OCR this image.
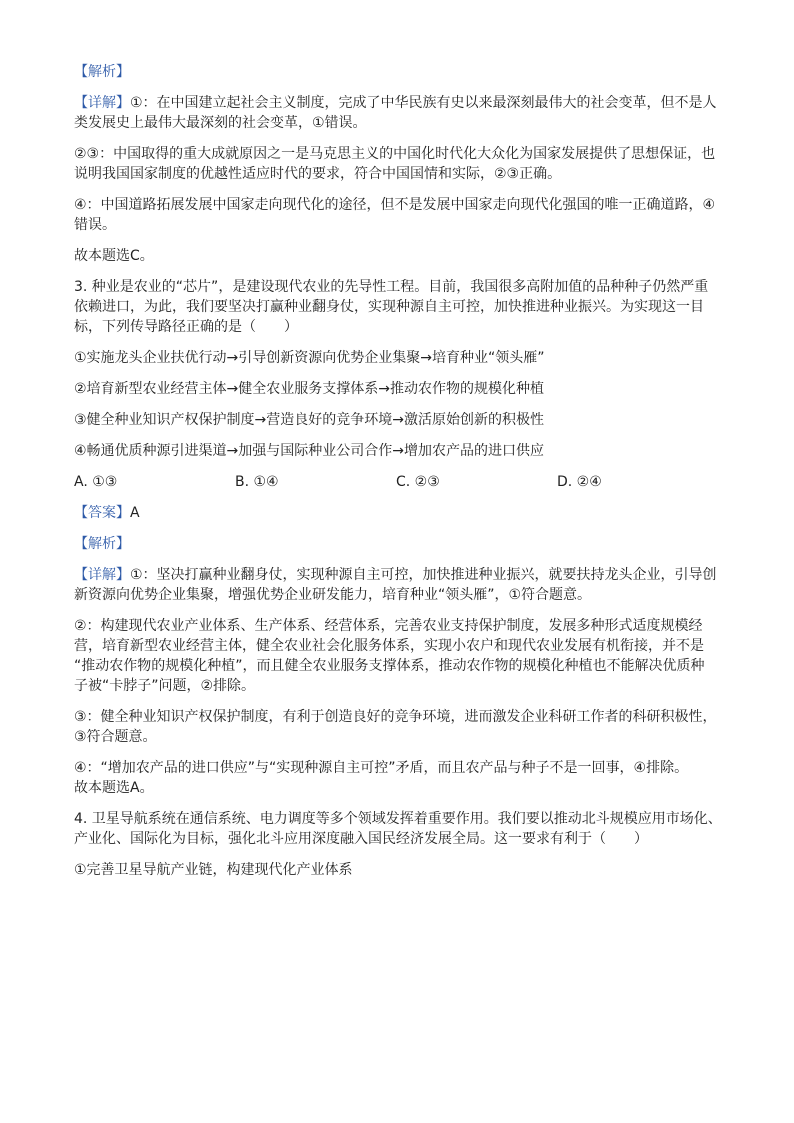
【解析】

【详解】①：在中国建立起社会主义制度，完成了中华民族有史以来最深刻最伟大的社会变革，但不是人

类发展史上最伟大最深刻的社会变革，①错误。

②③：中国取得的重大成就原因之一是马克思主义的中国化时代化大众化为国家发展提供了思想保证，也

说明我国国家制度的优越性适应时代的要求，符合中国国情和实际，②③正确。

④：中国道路拓展发展中国家走向现代化的途径，但不是发展中国家走向现代化强国的唯一正确道路，④

错误。

故本题选C。

3. 种业是农业的“芯片”，是建设现代农业的先导性工程。目前，我国很多高附加值的品种种子仍然严重

依赖进口，为此，我们要坚决打赢种业翻身仗，实现种源自主可控，加快推进种业振兴。为实现这一目

标，下列传导路径正确的是（　　）

①实施龙头企业扶优行动→引导创新资源向优势企业集聚→培育种业“领头雁”

②培育新型农业经营主体→健全农业服务支撑体系→推动农作物的规模化种植

③健全种业知识产权保护制度→营造良好的竞争环境→激活原始创新的积极性

④畅通优质种源引进渠道→加强与国际种业公司合作→增加农产品的进口供应

A. ①③	B. ①④	C. ②③	D. ②④

【答案】A

【解析】

【详解】①：坚决打赢种业翻身仗，实现种源自主可控，加快推进种业振兴，就要扶持龙头企业，引导创

新资源向优势企业集聚，增强优势企业研发能力，培育种业“领头雁”，①符合题意。

②：构建现代农业产业体系、生产体系、经营体系，完善农业支持保护制度，发展多种形式适度规模经

营，培育新型农业经营主体，健全农业社会化服务体系，实现小农户和现代农业发展有机衔接，并不是

“推动农作物的规模化种植”，而且健全农业服务支撑体系，推动农作物的规模化种植也不能解决优质种

子被“卡脖子”问题，②排除。

③：健全种业知识产权保护制度，有利于创造良好的竞争环境，进而激发企业科研工作者的科研积极性，

③符合题意。

④：“增加农产品的进口供应”与“实现种源自主可控”矛盾，而且农产品与种子不是一回事，④排除。

故本题选A。

4. 卫星导航系统在通信系统、电力调度等多个领域发挥着重要作用。我们要以推动北斗规模应用市场化、

产业化、国际化为目标，强化北斗应用深度融入国民经济发展全局。这一要求有利于（　　）

①完善卫星导航产业链，构建现代化产业体系
